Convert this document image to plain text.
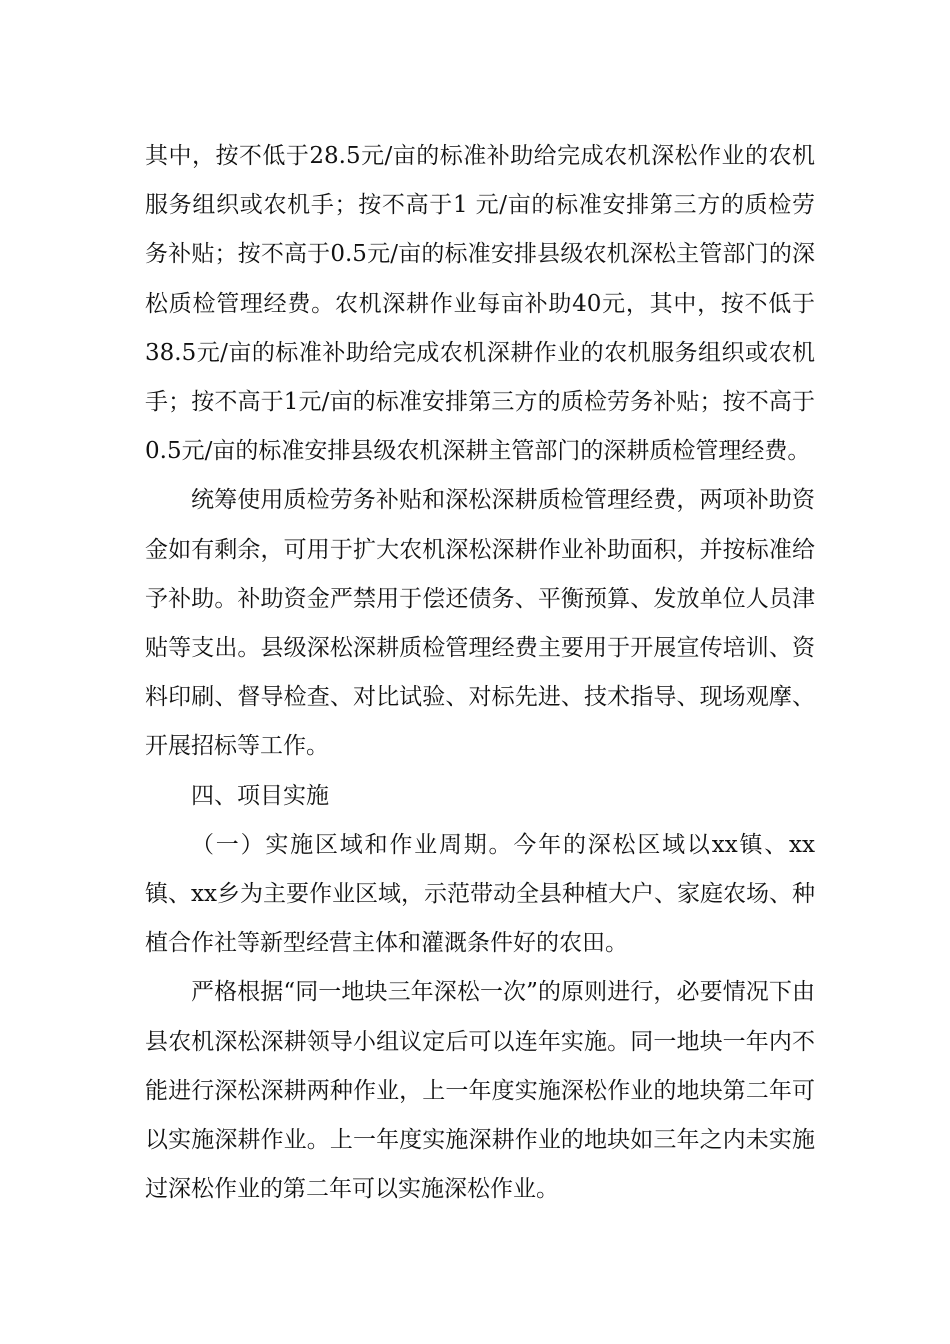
其中，按不低于28.5元/亩的标准补助给完成农机深松作业的农机服务组织或农机手；按不高于1 元/亩的标准安排第三方的质检劳务补贴；按不高于0.5元/亩的标准安排县级农机深松主管部门的深松质检管理经费。农机深耕作业每亩补助40元，其中，按不低于38.5元/亩的标准补助给完成农机深耕作业的农机服务组织或农机手；按不高于1元/亩的标准安排第三方的质检劳务补贴；按不高于0.5元/亩的标准安排县级农机深耕主管部门的深耕质检管理经费。

统筹使用质检劳务补贴和深松深耕质检管理经费，两项补助资金如有剩余，可用于扩大农机深松深耕作业补助面积，并按标准给予补助。补助资金严禁用于偿还债务、平衡预算、发放单位人员津贴等支出。县级深松深耕质检管理经费主要用于开展宣传培训、资料印刷、督导检查、对比试验、对标先进、技术指导、现场观摩、开展招标等工作。

四、项目实施

（一）实施区域和作业周期。今年的深松区域以xx镇、xx镇、xx乡为主要作业区域，示范带动全县种植大户、家庭农场、种植合作社等新型经营主体和灌溉条件好的农田。

严格根据“同一地块三年深松一次”的原则进行，必要情况下由县农机深松深耕领导小组议定后可以连年实施。同一地块一年内不能进行深松深耕两种作业，上一年度实施深松作业的地块第二年可以实施深耕作业。上一年度实施深耕作业的地块如三年之内未实施过深松作业的第二年可以实施深松作业。
